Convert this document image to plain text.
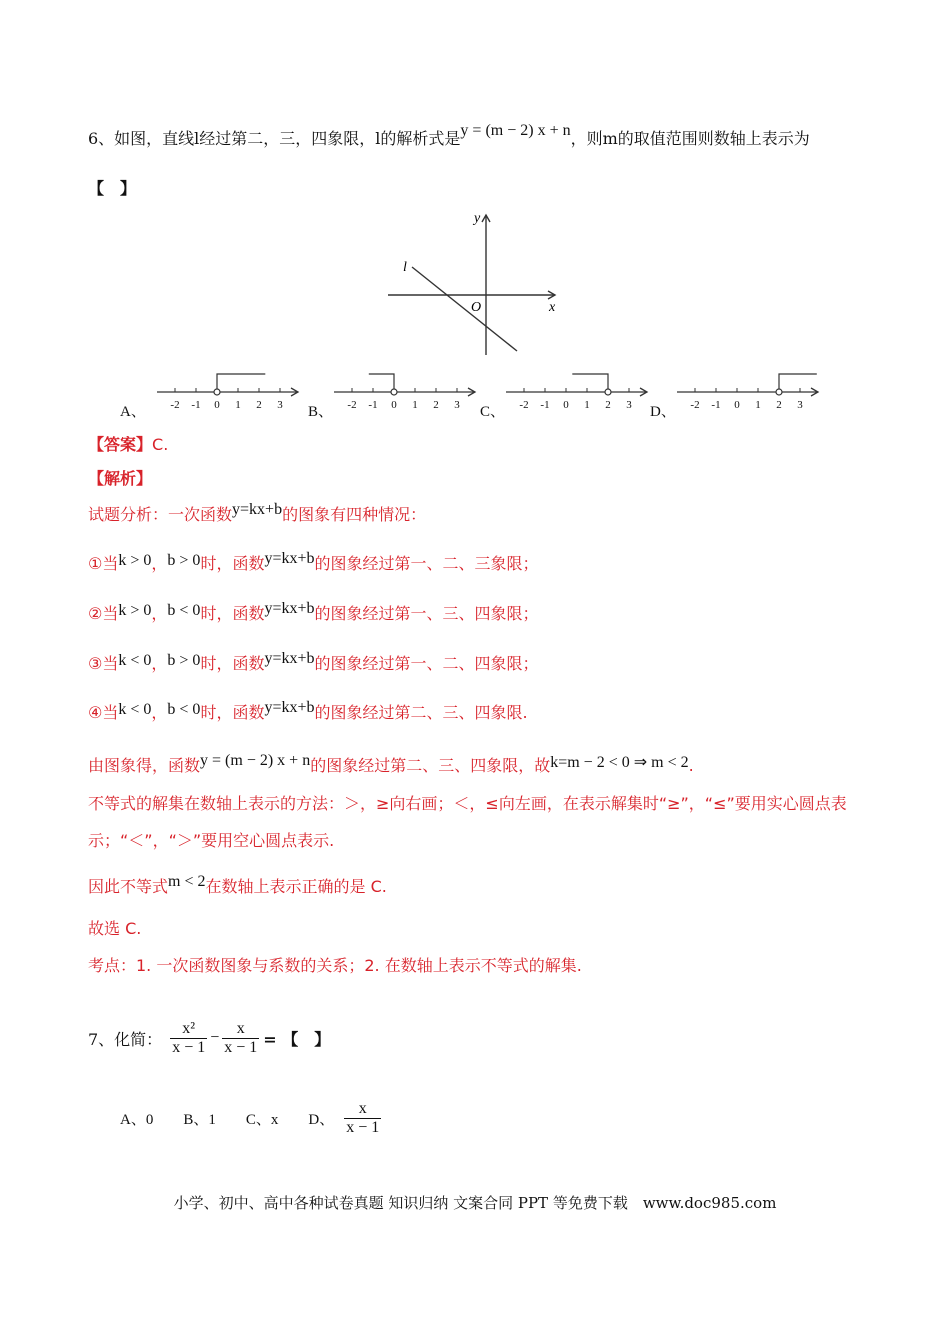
6、如图，直线l经过第二，三，四象限，l的解析式是y = (m − 2) x + n，则m的取值范围则数轴上表示为
【　】
y
x
O
l
A、	B、	C、	D、
-2 -1 0 1 2 3	-2 -1 0 1 2 3	-2 -1 0 1 2 3	-2 -1 0 1 2 3
【答案】C.
【解析】
试题分析：一次函数y=kx+b的图象有四种情况：
①当k > 0，b > 0时，函数y=kx+b的图象经过第一、二、三象限；
②当k > 0，b < 0时，函数y=kx+b的图象经过第一、三、四象限；
③当k < 0，b > 0时，函数y=kx+b的图象经过第一、二、四象限；
④当k < 0，b < 0时，函数y=kx+b的图象经过第二、三、四象限.
由图象得，函数y = (m − 2) x + n的图象经过第二、三、四象限，故k=m − 2 < 0 ⇒ m < 2.
不等式的解集在数轴上表示的方法：＞，≥向右画；＜，≤向左画，在表示解集时“≥”，“≤”要用实心圆点表
示；“＜”，“＞”要用空心圆点表示.
因此不等式m < 2在数轴上表示正确的是 C.
故选 C.
考点：1. 一次函数图象与系数的关系；2. 在数轴上表示不等式的解集.
7、化简： $\frac{\text{x²}}{x - 1} - \frac{x}{x - 1}$ = 【　】
A、0 B、1 C、x D、 $\frac{x}{x - 1}$
小学、初中、高中各种试卷真题 知识归纳 文案合同 PPT 等免费下载　www.doc985.com
